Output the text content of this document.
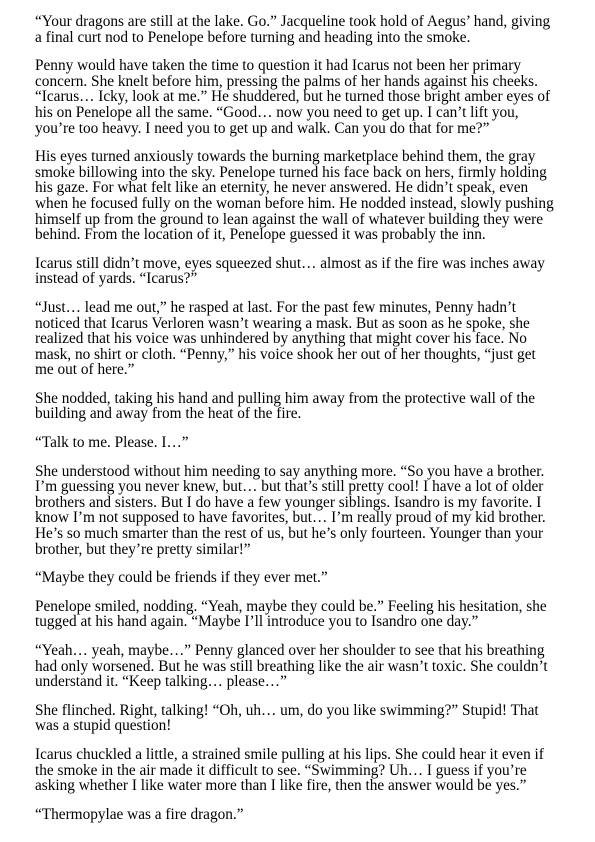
“Your dragons are still at the lake. Go.” Jacqueline took hold of Aegus’ hand, giving
a final curt nod to Penelope before turning and heading into the smoke.

Penny would have taken the time to question it had Icarus not been her primary
concern. She knelt before him, pressing the palms of her hands against his cheeks.
“Icarus… Icky, look at me.” He shuddered, but he turned those bright amber eyes of
his on Penelope all the same. “Good… now you need to get up. I can’t lift you,
you’re too heavy. I need you to get up and walk. Can you do that for me?”

His eyes turned anxiously towards the burning marketplace behind them, the gray
smoke billowing into the sky. Penelope turned his face back on hers, firmly holding
his gaze. For what felt like an eternity, he never answered. He didn’t speak, even
when he focused fully on the woman before him. He nodded instead, slowly pushing
himself up from the ground to lean against the wall of whatever building they were
behind. From the location of it, Penelope guessed it was probably the inn.

Icarus still didn’t move, eyes squeezed shut… almost as if the fire was inches away
instead of yards. “Icarus?”

“Just… lead me out,” he rasped at last. For the past few minutes, Penny hadn’t
noticed that Icarus Verloren wasn’t wearing a mask. But as soon as he spoke, she
realized that his voice was unhindered by anything that might cover his face. No
mask, no shirt or cloth. “Penny,” his voice shook her out of her thoughts, “just get
me out of here.”

She nodded, taking his hand and pulling him away from the protective wall of the
building and away from the heat of the fire.

“Talk to me. Please. I…”

She understood without him needing to say anything more. “So you have a brother.
I’m guessing you never knew, but… but that’s still pretty cool! I have a lot of older
brothers and sisters. But I do have a few younger siblings. Isandro is my favorite. I
know I’m not supposed to have favorites, but… I’m really proud of my kid brother.
He’s so much smarter than the rest of us, but he’s only fourteen. Younger than your
brother, but they’re pretty similar!”

“Maybe they could be friends if they ever met.”

Penelope smiled, nodding. “Yeah, maybe they could be.” Feeling his hesitation, she
tugged at his hand again. “Maybe I’ll introduce you to Isandro one day.”

“Yeah… yeah, maybe…” Penny glanced over her shoulder to see that his breathing
had only worsened. But he was still breathing like the air wasn’t toxic. She couldn’t
understand it. “Keep talking… please…”

She flinched. Right, talking! “Oh, uh… um, do you like swimming?” Stupid! That
was a stupid question!

Icarus chuckled a little, a strained smile pulling at his lips. She could hear it even if
the smoke in the air made it difficult to see. “Swimming? Uh… I guess if you’re
asking whether I like water more than I like fire, then the answer would be yes.”

“Thermopylae was a fire dragon.”
